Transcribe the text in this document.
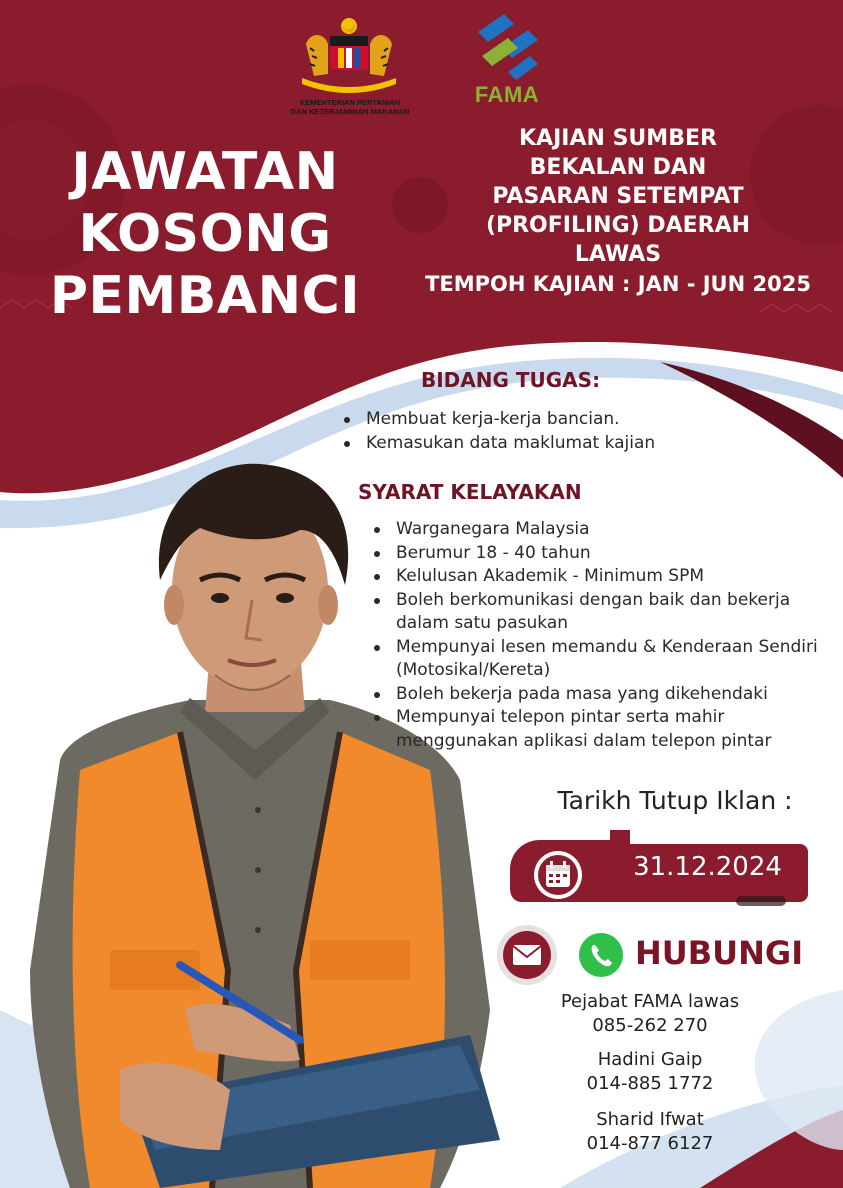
KEMENTERIAN PERTANIAN
DAN KETERJAMINAN MAKANAN
FAMA
JAWATAN
KOSONG
PEMBANCI
KAJIAN SUMBER
BEKALAN DAN
PASARAN SETEMPAT
(PROFILING) DAERAH
LAWAS
TEMPOH KAJIAN : JAN - JUN 2025
BIDANG TUGAS:
Membuat kerja-kerja bancian.
Kemasukan data maklumat kajian
SYARAT KELAYAKAN
Warganegara Malaysia
Berumur 18 - 40 tahun
Kelulusan Akademik - Minimum SPM
Boleh berkomunikasi dengan baik dan bekerja dalam satu pasukan
Mempunyai lesen memandu & Kenderaan Sendiri (Motosikal/Kereta)
Boleh bekerja pada masa yang dikehendaki
Mempunyai telepon pintar serta mahir menggunakan aplikasi dalam telepon pintar
Tarikh Tutup Iklan :
31.12.2024
HUBUNGI
Pejabat FAMA lawas
085-262 270
Hadini Gaip
014-885 1772
Sharid Ifwat
014-877 6127
